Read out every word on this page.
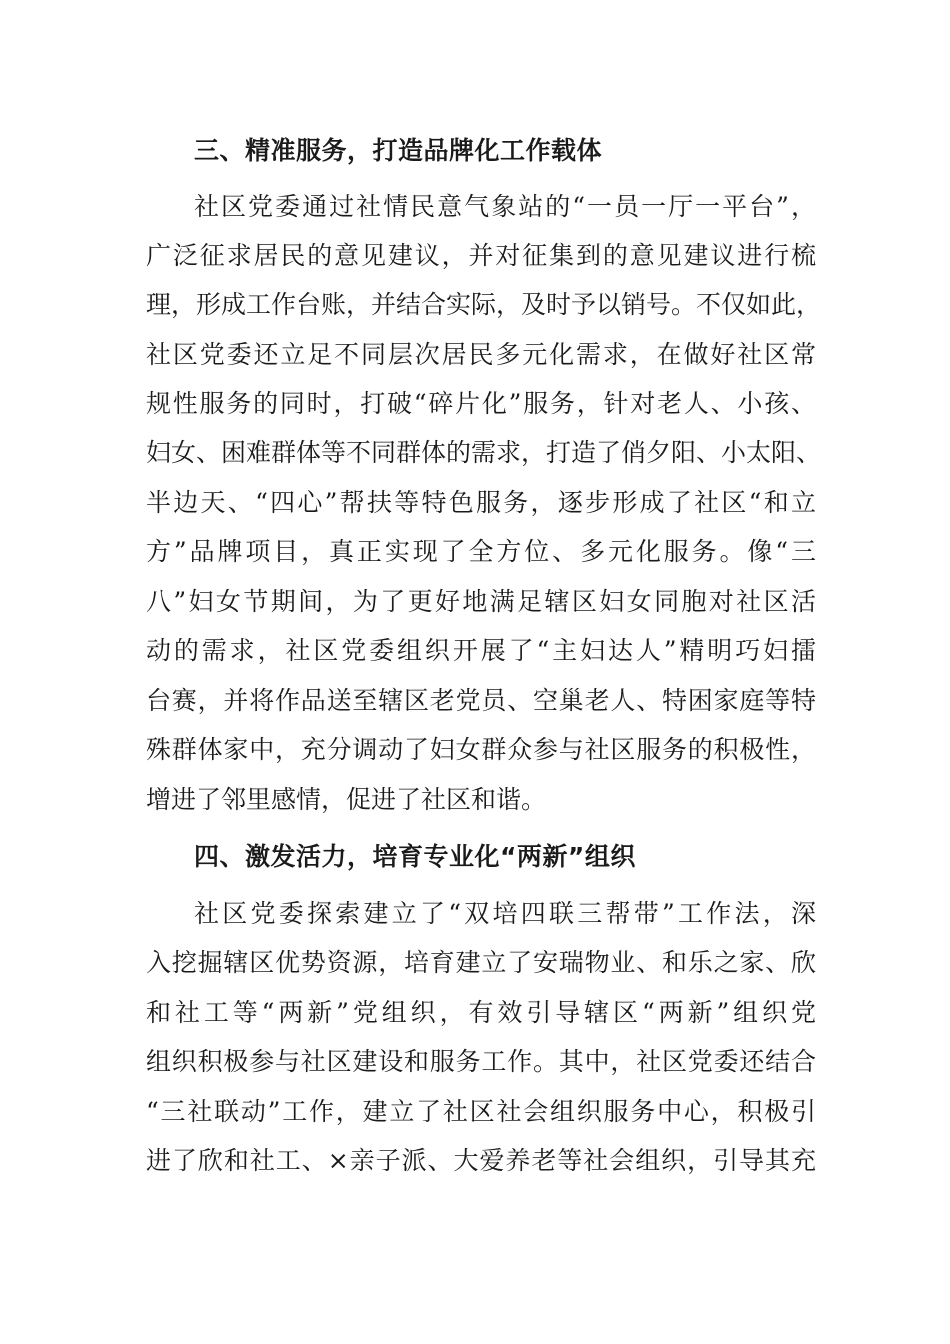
三、精准服务，打造品牌化工作载体
社区党委通过社情民意气象站的“一员一厅一平台”，
广泛征求居民的意见建议，并对征集到的意见建议进行梳
理，形成工作台账，并结合实际，及时予以销号。不仅如此，
社区党委还立足不同层次居民多元化需求，在做好社区常
规性服务的同时，打破“碎片化”服务，针对老人、小孩、
妇女、困难群体等不同群体的需求，打造了俏夕阳、小太阳、
半边天、“四心”帮扶等特色服务，逐步形成了社区“和立
方”品牌项目，真正实现了全方位、多元化服务。像“三
八”妇女节期间，为了更好地满足辖区妇女同胞对社区活
动的需求，社区党委组织开展了“主妇达人”精明巧妇擂
台赛，并将作品送至辖区老党员、空巢老人、特困家庭等特
殊群体家中，充分调动了妇女群众参与社区服务的积极性，
增进了邻里感情，促进了社区和谐。
四、激发活力，培育专业化“两新”组织
社区党委探索建立了“双培四联三帮带”工作法，深
入挖掘辖区优势资源，培育建立了安瑞物业、和乐之家、欣
和社工等“两新”党组织，有效引导辖区“两新”组织党
组织积极参与社区建设和服务工作。其中，社区党委还结合
“三社联动”工作，建立了社区社会组织服务中心，积极引
进了欣和社工、×亲子派、大爱养老等社会组织，引导其充
